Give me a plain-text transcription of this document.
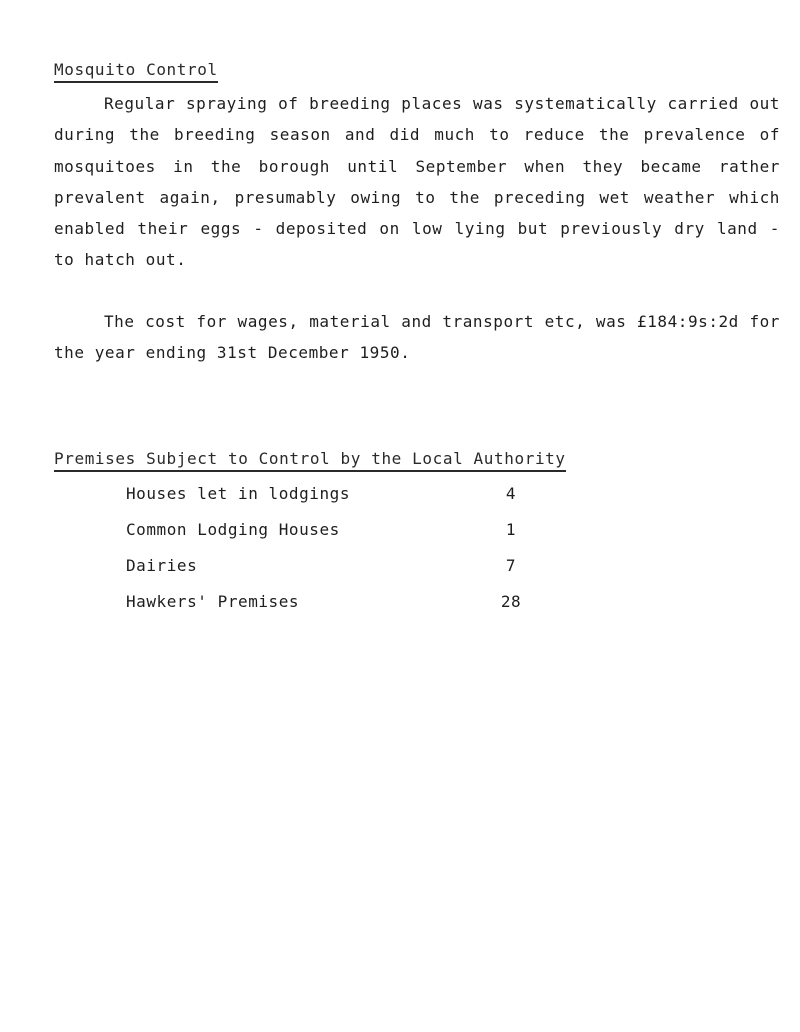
Mosquito Control

Regular spraying of breeding places was systematically carried out during the breeding season and did much to reduce the prevalence of mosquitoes in the borough until September when they became rather prevalent again, presumably owing to the preceding wet weather which enabled their eggs - deposited on low lying but previously dry land - to hatch out.

The cost for wages, material and transport etc, was £184:9s:2d for the year ending 31st December 1950.

Premises Subject to Control by the Local Authority
Houses let in lodgings	4
Common Lodging Houses	1
Dairies	7
Hawkers' Premises	28
